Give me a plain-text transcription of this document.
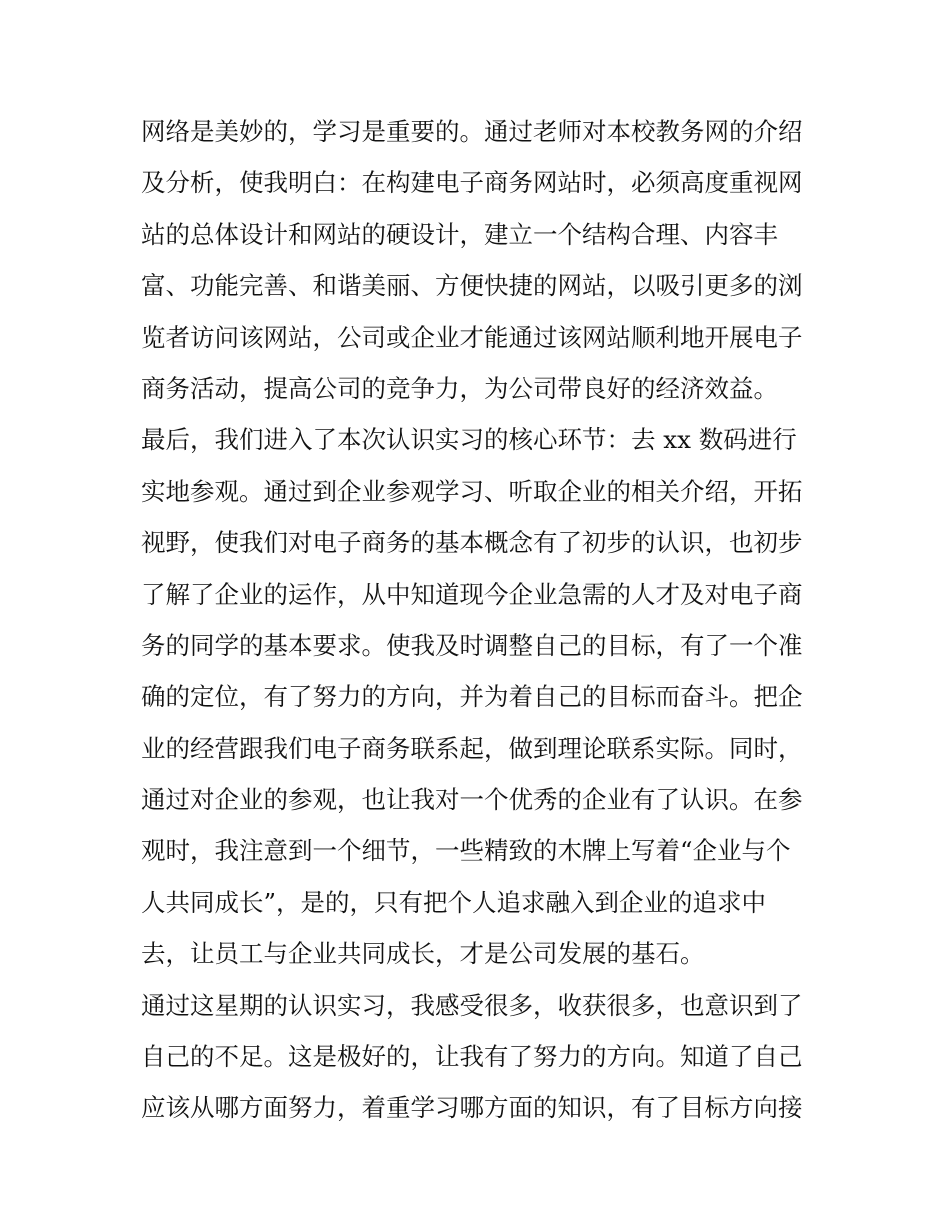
网络是美妙的，学习是重要的。通过老师对本校教务网的介绍
及分析，使我明白：在构建电子商务网站时，必须高度重视网
站的总体设计和网站的硬设计，建立一个结构合理、内容丰
富、功能完善、和谐美丽、方便快捷的网站，以吸引更多的浏
览者访问该网站，公司或企业才能通过该网站顺利地开展电子
商务活动，提高公司的竞争力，为公司带良好的经济效益。
最后，我们进入了本次认识实习的核心环节：去 xx 数码进行
实地参观。通过到企业参观学习、听取企业的相关介绍，开拓
视野，使我们对电子商务的基本概念有了初步的认识，也初步
了解了企业的运作，从中知道现今企业急需的人才及对电子商
务的同学的基本要求。使我及时调整自己的目标，有了一个准
确的定位，有了努力的方向，并为着自己的目标而奋斗。把企
业的经营跟我们电子商务联系起，做到理论联系实际。同时，
通过对企业的参观，也让我对一个优秀的企业有了认识。在参
观时，我注意到一个细节，一些精致的木牌上写着“企业与个
人共同成长”，是的，只有把个人追求融入到企业的追求中
去，让员工与企业共同成长，才是公司发展的基石。
通过这星期的认识实习，我感受很多，收获很多，也意识到了
自己的不足。这是极好的，让我有了努力的方向。知道了自己
应该从哪方面努力，着重学习哪方面的知识，有了目标方向接
